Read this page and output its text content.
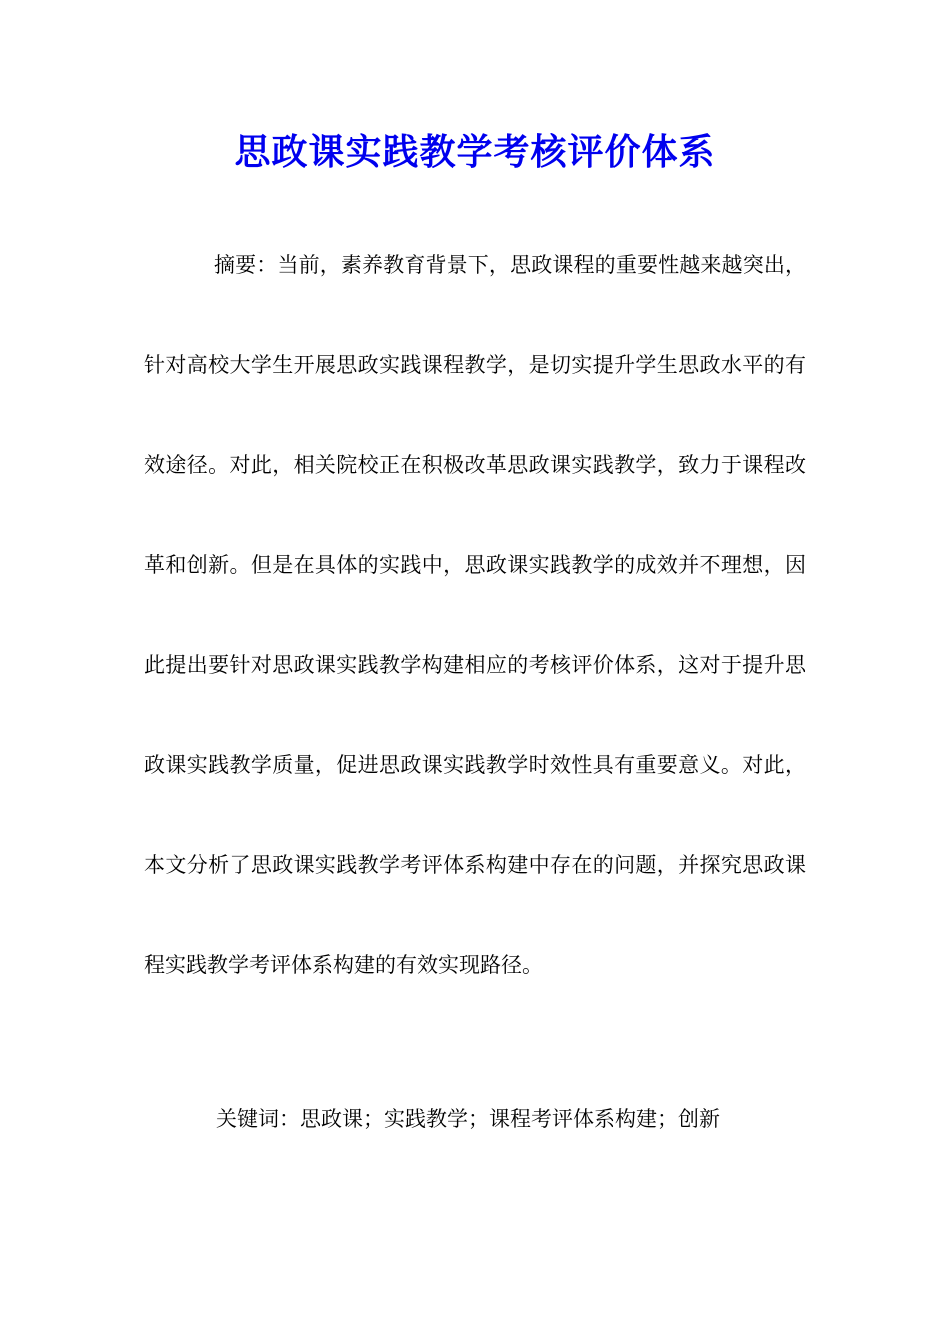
思政课实践教学考核评价体系

摘要：当前，素养教育背景下，思政课程的重要性越来越突出，针对高校大学生开展思政实践课程教学，是切实提升学生思政水平的有效途径。对此，相关院校正在积极改革思政课实践教学，致力于课程改革和创新。但是在具体的实践中，思政课实践教学的成效并不理想，因此提出要针对思政课实践教学构建相应的考核评价体系，这对于提升思政课实践教学质量，促进思政课实践教学时效性具有重要意义。对此，本文分析了思政课实践教学考评体系构建中存在的问题，并探究思政课程实践教学考评体系构建的有效实现路径。

关键词：思政课；实践教学；课程考评体系构建；创新
